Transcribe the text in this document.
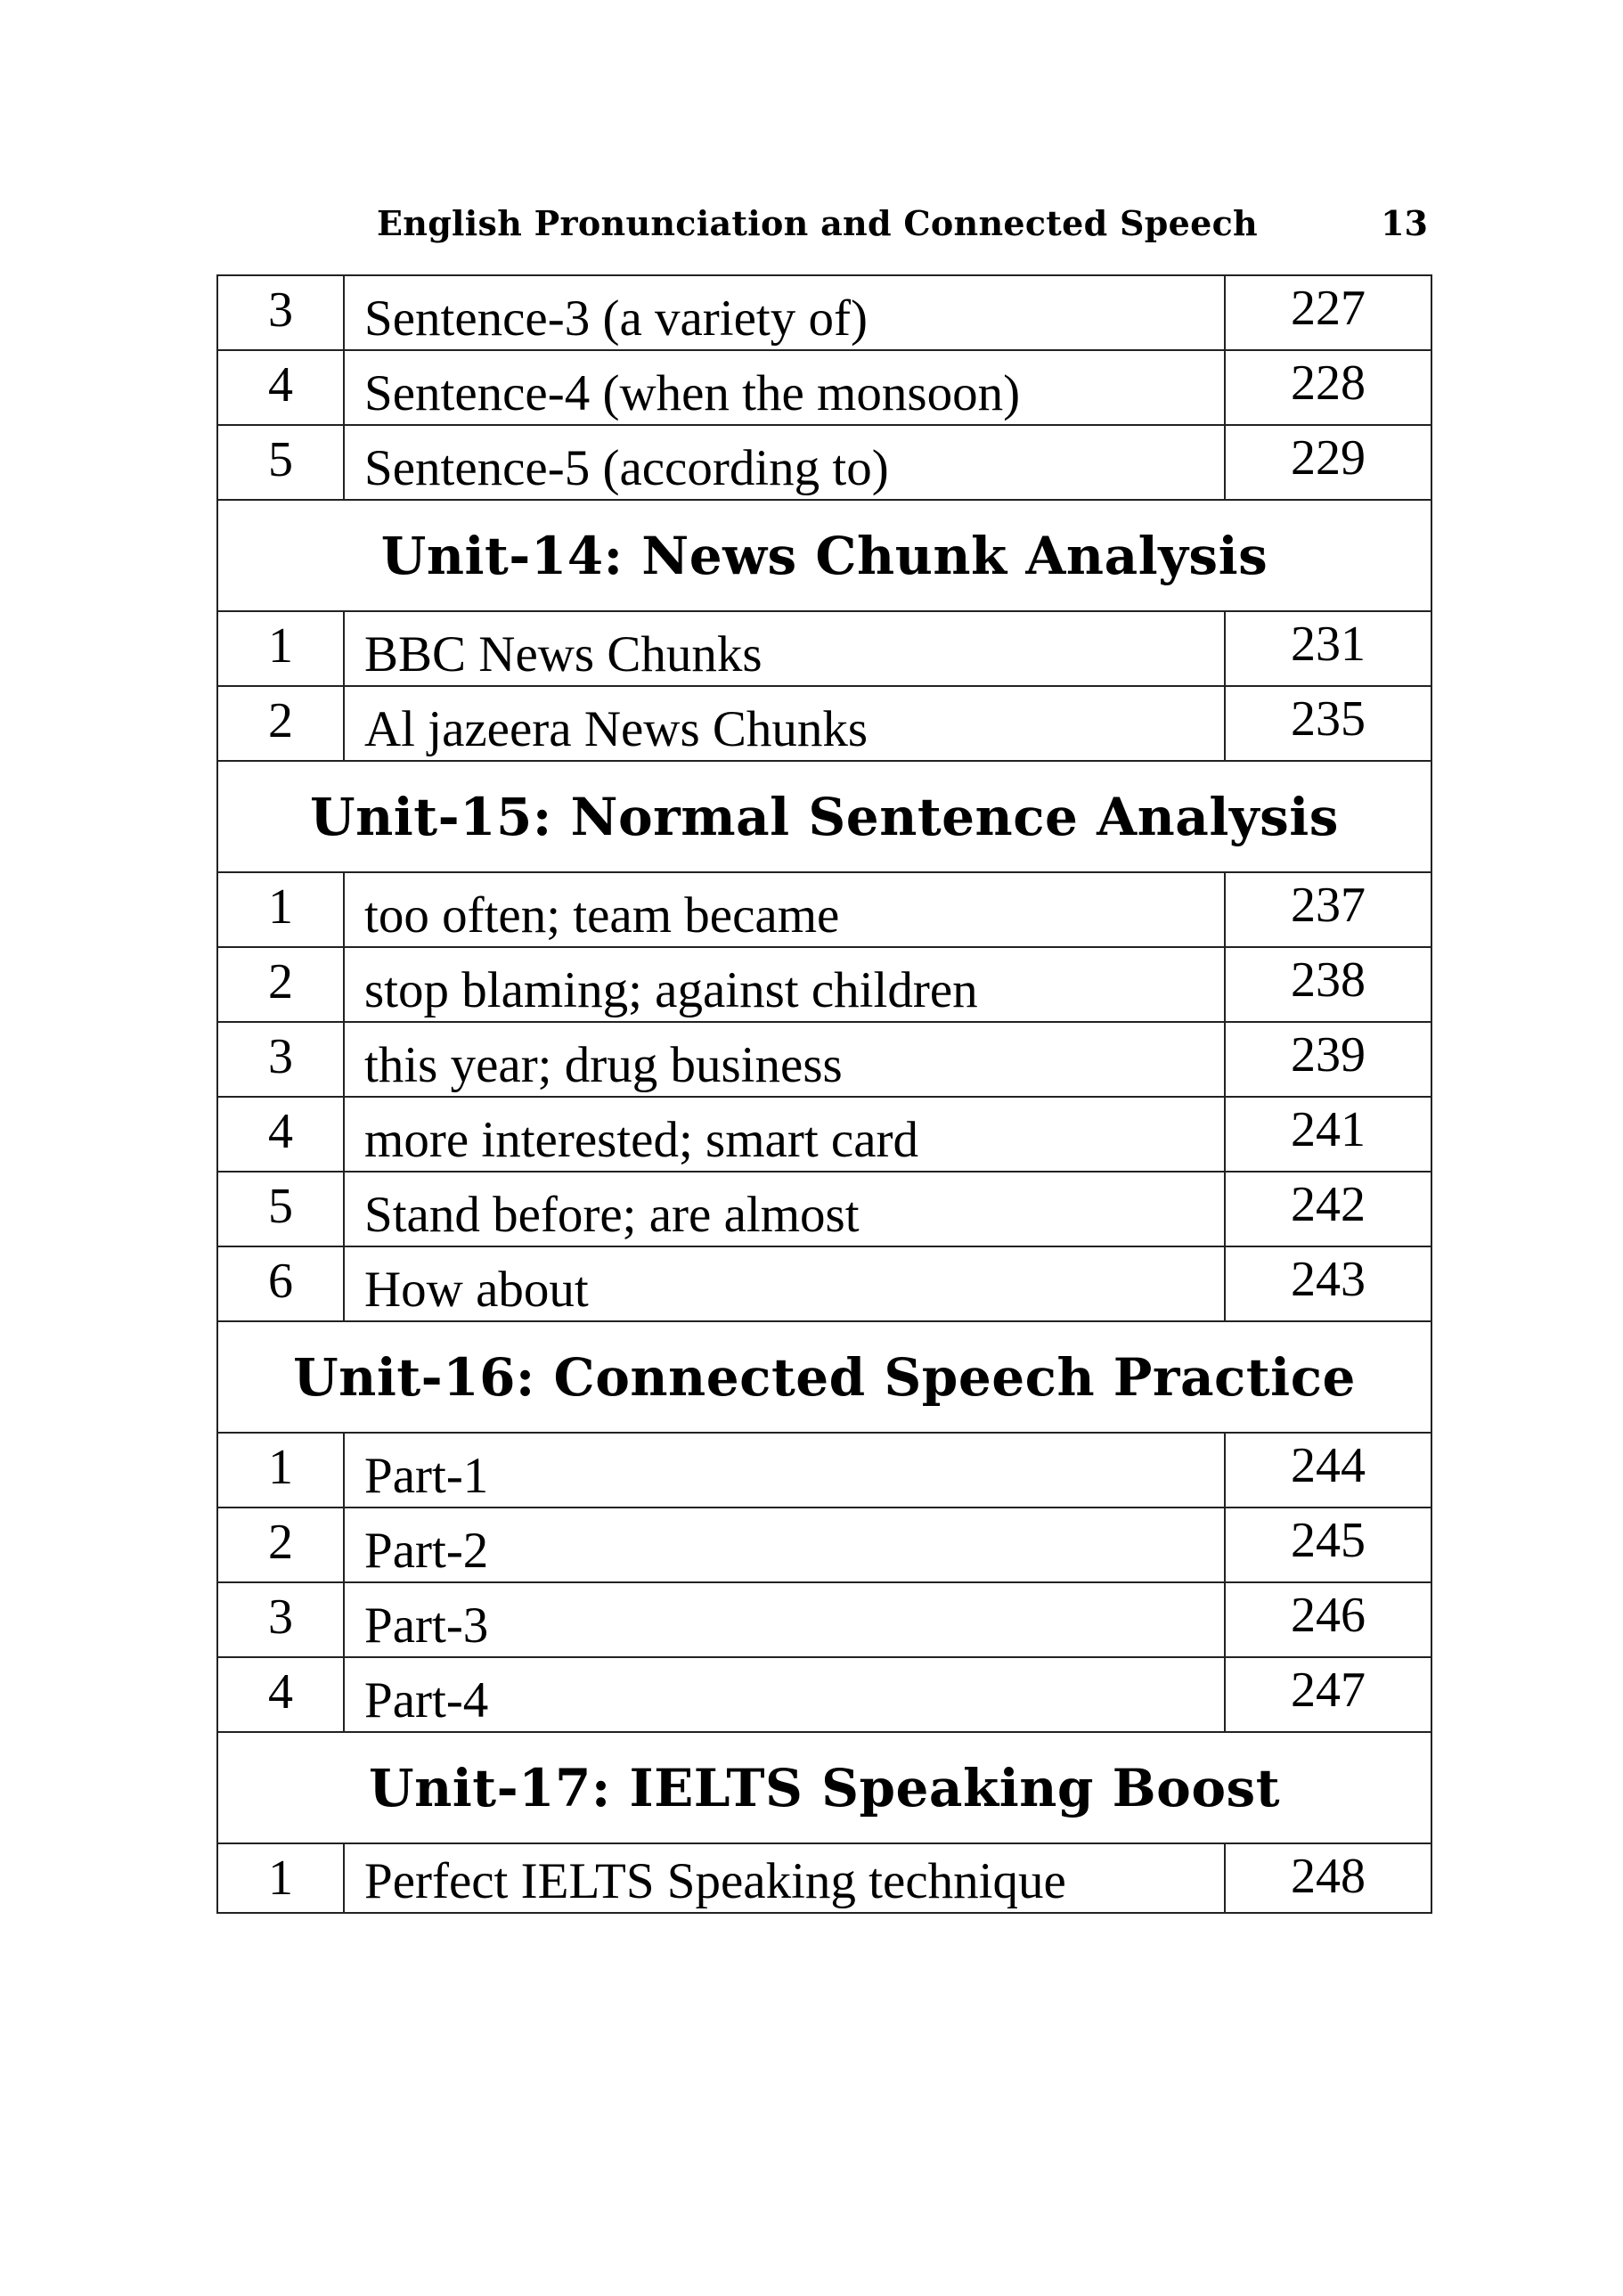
English Pronunciation and Connected Speech	13
3	Sentence-3 (a variety of)	227
4	Sentence-4 (when the monsoon)	228
5	Sentence-5 (according to)	229
Unit-14: News Chunk Analysis		
1	BBC News Chunks	231
2	Al jazeera News Chunks	235
Unit-15: Normal Sentence Analysis		
1	too often; team became	237
2	stop blaming; against children	238
3	this year; drug business	239
4	more interested; smart card	241
5	Stand before; are almost	242
6	How about	243
Unit-16: Connected Speech Practice		
1	Part-1	244
2	Part-2	245
3	Part-3	246
4	Part-4	247
Unit-17: IELTS Speaking Boost		
1	Perfect IELTS Speaking technique	248
